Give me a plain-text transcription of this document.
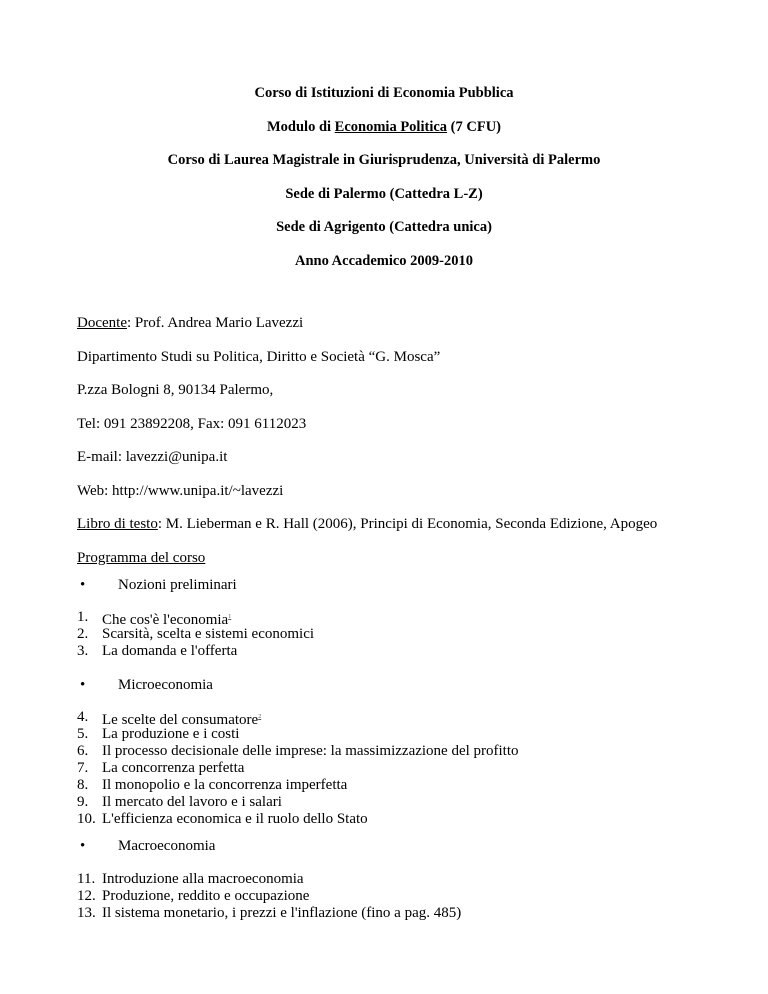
Corso di Istituzioni di Economia Pubblica
Modulo di Economia Politica (7 CFU)
Corso di Laurea Magistrale in Giurisprudenza, Università di Palermo
Sede di Palermo (Cattedra L-Z)
Sede di Agrigento (Cattedra unica)
Anno Accademico 2009-2010
Docente: Prof. Andrea Mario Lavezzi
Dipartimento Studi su Politica, Diritto e Società “G. Mosca”
P.zza Bologni 8, 90134 Palermo,
Tel: 091 23892208, Fax: 091 6112023
E-mail: lavezzi@unipa.it
Web: http://www.unipa.it/~lavezzi
Libro di testo: M. Lieberman e R. Hall (2006), Principi di Economia, Seconda Edizione, Apogeo
Programma del corso
• Nozioni preliminari
1. Che cos'è l'economia$^1$
2. Scarsità, scelta e sistemi economici
3. La domanda e l'offerta
• Microeconomia
4. Le scelte del consumatore$^2$
5. La produzione e i costi
6. Il processo decisionale delle imprese: la massimizzazione del profitto
7. La concorrenza perfetta
8. Il monopolio e la concorrenza imperfetta
9. Il mercato del lavoro e i salari
10. L'efficienza economica e il ruolo dello Stato
• Macroeconomia
11. Introduzione alla macroeconomia
12. Produzione, reddito e occupazione
13. Il sistema monetario, i prezzi e l'inflazione (fino a pag. 485)
